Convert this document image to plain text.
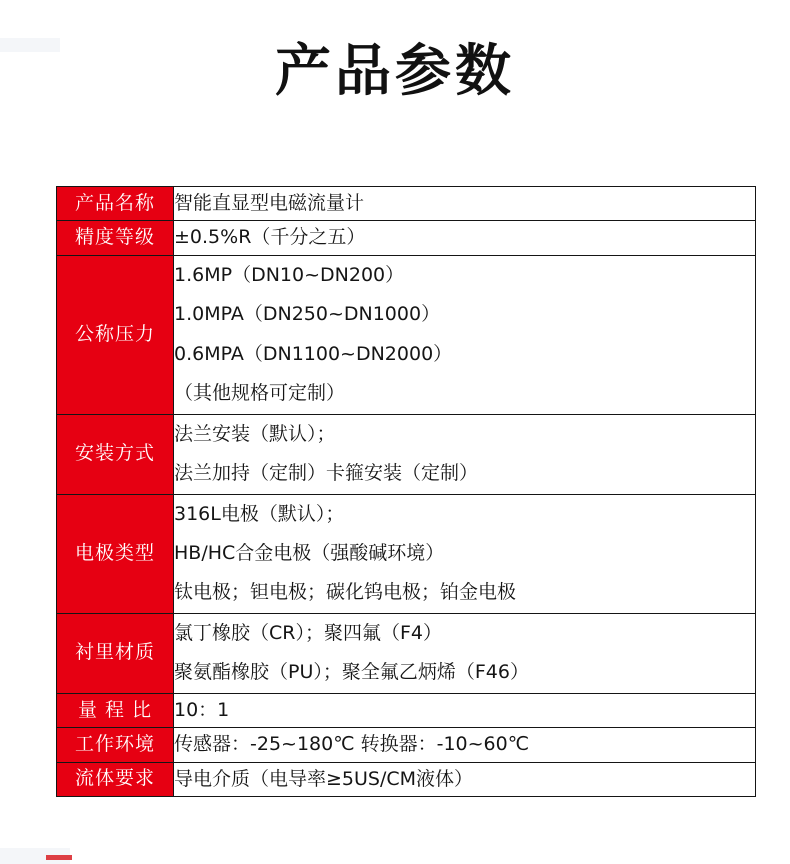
产品参数
产品名称	智能直显型电磁流量计

精度等级	±0.5%R（千分之五）

公称压力	1.6MP（DN10~DN200）
1.0MPA（DN250~DN1000）
0.6MPA（DN1100~DN2000）
（其他规格可定制）

安装方式	法兰安装（默认）；
法兰加持（定制）卡箍安装（定制）

电极类型	316L电极（默认）；
HB/HC合金电极（强酸碱环境）
钛电极；钽电极；碳化钨电极；铂金电极

衬里材质	氯丁橡胶（CR）；聚四氟（F4）
聚氨酯橡胶（PU）；聚全氟乙炳烯（F46）

量 程 比	10：1

工作环境	传感器：-25~180℃ 转换器：-10~60℃

流体要求	导电介质（电导率≥5US/CM液体）
